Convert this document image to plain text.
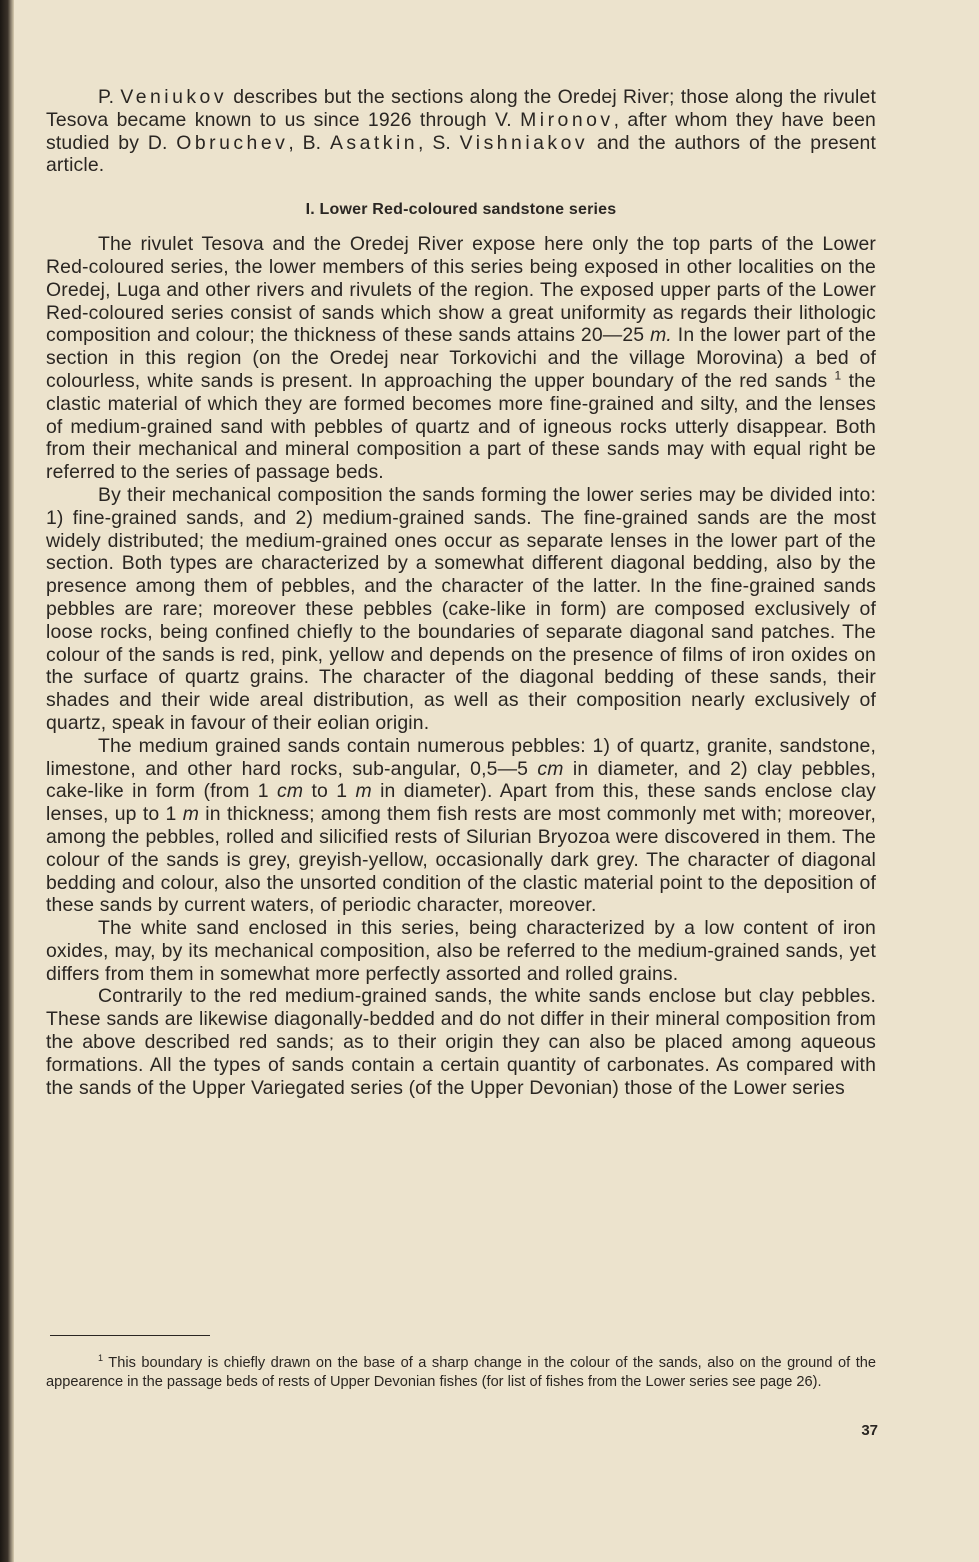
P. Veniukov describes but the sections along the Oredej River; those along the rivulet Tesova became known to us since 1926 through V. Mironov, after whom they have been studied by D. Obruchev, B. Asatkin, S. Vishniakov and the authors of the present article.

I. Lower Red-coloured sandstone series

The rivulet Tesova and the Oredej River expose here only the top parts of the Lower Red-coloured series, the lower members of this series being exposed in other localities on the Oredej, Luga and other rivers and rivulets of the region. The exposed upper parts of the Lower Red-coloured series consist of sands which show a great uniformity as regards their lithologic composition and colour; the thickness of these sands attains 20—25 m. In the lower part of the section in this region (on the Oredej near Torkovichi and the village Morovina) a bed of colourless, white sands is present. In approaching the upper boundary of the red sands $^1$ the clastic material of which they are formed becomes more fine-grained and silty, and the lenses of medium-grained sand with pebbles of quartz and of igneous rocks utterly disappear. Both from their mechanical and mineral composition a part of these sands may with equal right be referred to the series of passage beds.

By their mechanical composition the sands forming the lower series may be divided into: 1) fine-grained sands, and 2) medium-grained sands. The fine-grained sands are the most widely distributed; the medium-grained ones occur as separate lenses in the lower part of the section. Both types are characterized by a somewhat different diagonal bedding, also by the presence among them of pebbles, and the character of the latter. In the fine-grained sands pebbles are rare; moreover these pebbles (cake-like in form) are composed exclusively of loose rocks, being confined chiefly to the boundaries of separate diagonal sand patches. The colour of the sands is red, pink, yellow and depends on the presence of films of iron oxides on the surface of quartz grains. The character of the diagonal bedding of these sands, their shades and their wide areal distribution, as well as their composition nearly exclusively of quartz, speak in favour of their eolian origin.

The medium grained sands contain numerous pebbles: 1) of quartz, granite, sandstone, limestone, and other hard rocks, sub-angular, 0,5—5 cm in diameter, and 2) clay pebbles, cake-like in form (from 1 cm to 1 m in diameter). Apart from this, these sands enclose clay lenses, up to 1 m in thickness; among them fish rests are most commonly met with; moreover, among the pebbles, rolled and silicified rests of Silurian Bryozoa were discovered in them. The colour of the sands is grey, greyish-yellow, occasionally dark grey. The character of diagonal bedding and colour, also the unsorted condition of the clastic material point to the deposition of these sands by current waters, of periodic character, moreover.

The white sand enclosed in this series, being characterized by a low content of iron oxides, may, by its mechanical composition, also be referred to the medium-grained sands, yet differs from them in somewhat more perfectly assorted and rolled grains.

Contrarily to the red medium-grained sands, the white sands enclose but clay pebbles. These sands are likewise diagonally-bedded and do not differ in their mineral composition from the above described red sands; as to their origin they can also be placed among aqueous formations. All the types of sands contain a certain quantity of carbonates. As compared with the sands of the Upper Variegated series (of the Upper Devonian) those of the Lower series

$^1$ This boundary is chiefly drawn on the base of a sharp change in the colour of the sands, also on the ground of the appearence in the passage beds of rests of Upper Devonian fishes (for list of fishes from the Lower series see page 26).

37
